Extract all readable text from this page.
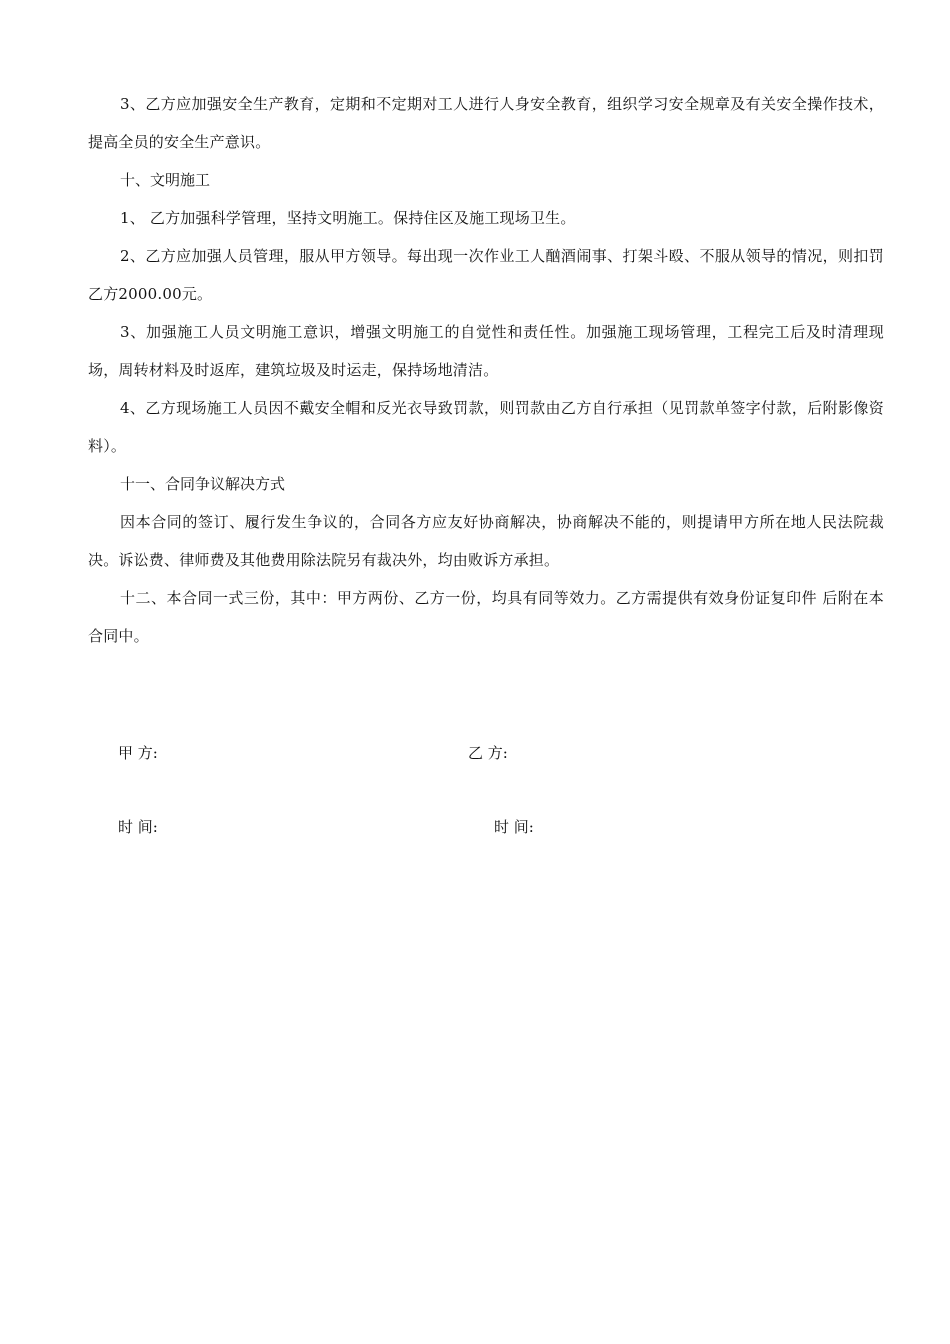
3、乙方应加强安全生产教育，定期和不定期对工人进行人身安全教育，组织学习安全规章及有关安全操作技术，提高全员的安全生产意识。

十、文明施工

1、 乙方加强科学管理，坚持文明施工。保持住区及施工现场卫生。

2、乙方应加强人员管理，服从甲方领导。每出现一次作业工人酗酒闹事、打架斗殴、不服从领导的情况，则扣罚乙方2000.00元。

3、加强施工人员文明施工意识，增强文明施工的自觉性和责任性。加强施工现场管理，工程完工后及时清理现场，周转材料及时返库，建筑垃圾及时运走，保持场地清洁。

4、乙方现场施工人员因不戴安全帽和反光衣导致罚款，则罚款由乙方自行承担（见罚款单签字付款，后附影像资料）。

十一、合同争议解决方式

因本合同的签订、履行发生争议的，合同各方应友好协商解决，协商解决不能的，则提请甲方所在地人民法院裁决。诉讼费、律师费及其他费用除法院另有裁决外，均由败诉方承担。

十二、本合同一式三份，其中：甲方两份、乙方一份，均具有同等效力。乙方需提供有效身份证复印件 后附在本合同中。

甲 方:	乙 方:
时 间:	时 间:
